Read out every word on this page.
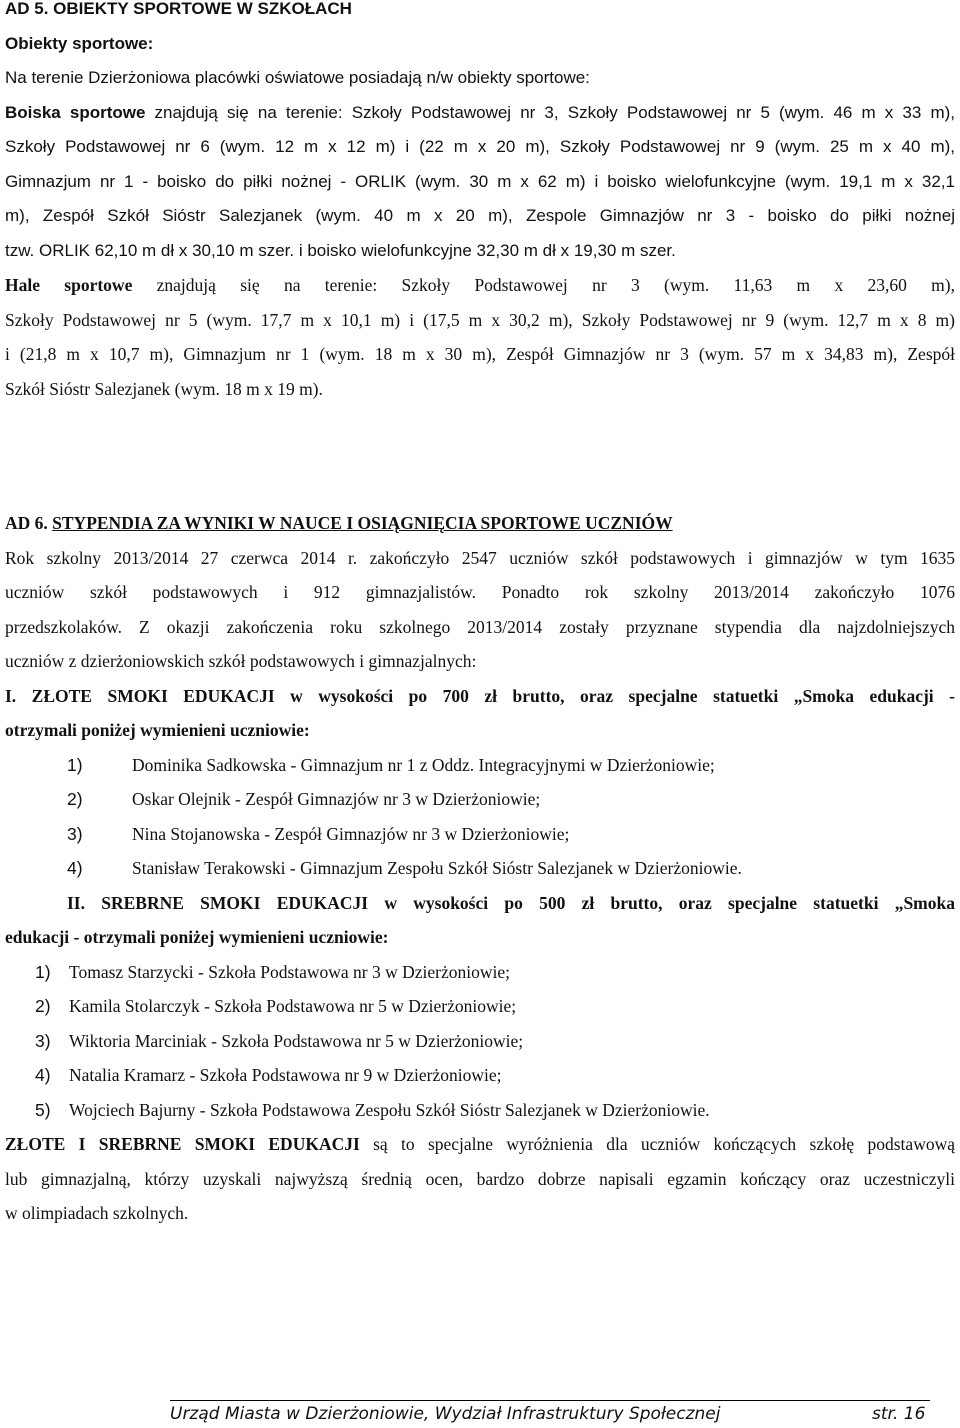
AD 5. OBIEKTY SPORTOWE W SZKOŁACH
Obiekty sportowe:
Na terenie Dzierżoniowa placówki oświatowe posiadają n/w obiekty sportowe:
Boiska sportowe znajdują się na terenie: Szkoły Podstawowej nr 3, Szkoły Podstawowej nr 5 (wym. 46 m x 33 m),
Szkoły Podstawowej nr 6 (wym. 12 m x 12 m) i (22 m x 20 m), Szkoły Podstawowej nr 9 (wym. 25 m x 40 m),
Gimnazjum nr 1 - boisko do piłki nożnej - ORLIK (wym. 30 m x 62 m) i boisko wielofunkcyjne (wym. 19,1 m x 32,1
m), Zespół Szkół Sióstr Salezjanek (wym. 40 m x 20 m), Zespole Gimnazjów nr 3 - boisko do piłki nożnej
tzw. ORLIK 62,10 m dł x 30,10 m szer. i boisko wielofunkcyjne 32,30 m dł x 19,30 m szer.
Hale sportowe znajdują się na terenie: Szkoły Podstawowej nr 3 (wym. 11,63 m x 23,60 m),
Szkoły Podstawowej nr 5 (wym. 17,7 m x 10,1 m) i (17,5 m x 30,2 m), Szkoły Podstawowej nr 9 (wym. 12,7 m x 8 m)
i (21,8 m x 10,7 m), Gimnazjum nr 1 (wym. 18 m x 30 m), Zespół Gimnazjów nr 3 (wym. 57 m x 34,83 m), Zespół
Szkół Sióstr Salezjanek (wym. 18 m x 19 m).
AD 6. STYPENDIA ZA WYNIKI W NAUCE I OSIĄGNIĘCIA SPORTOWE UCZNIÓW
Rok szkolny 2013/2014 27 czerwca 2014 r. zakończyło 2547 uczniów szkół podstawowych i gimnazjów w tym 1635
uczniów szkół podstawowych i 912 gimnazjalistów. Ponadto rok szkolny 2013/2014 zakończyło 1076
przedszkolaków. Z okazji zakończenia roku szkolnego 2013/2014 zostały przyznane stypendia dla najzdolniejszych
uczniów z dzierżoniowskich szkół podstawowych i gimnazjalnych:
I. ZŁOTE SMOKI EDUKACJI w wysokości po 700 zł brutto, oraz specjalne statuetki „Smoka edukacji -
otrzymali poniżej wymienieni uczniowie:
1)	Dominika Sadkowska - Gimnazjum nr 1 z Oddz. Integracyjnymi w Dzierżoniowie;
2)	Oskar Olejnik - Zespół Gimnazjów nr 3 w Dzierżoniowie;
3)	Nina Stojanowska - Zespół Gimnazjów nr 3 w Dzierżoniowie;
4)	Stanisław Terakowski - Gimnazjum Zespołu Szkół Sióstr Salezjanek w Dzierżoniowie.
II. SREBRNE SMOKI EDUKACJI w wysokości po 500 zł brutto, oraz specjalne statuetki „Smoka
edukacji - otrzymali poniżej wymienieni uczniowie:
1)	Tomasz Starzycki - Szkoła Podstawowa nr 3 w Dzierżoniowie;
2)	Kamila Stolarczyk - Szkoła Podstawowa nr 5 w Dzierżoniowie;
3)	Wiktoria Marciniak - Szkoła Podstawowa nr 5 w Dzierżoniowie;
4)	Natalia Kramarz - Szkoła Podstawowa nr 9 w Dzierżoniowie;
5)	Wojciech Bajurny - Szkoła Podstawowa Zespołu Szkół Sióstr Salezjanek w Dzierżoniowie.
ZŁOTE I SREBRNE SMOKI EDUKACJI są to specjalne wyróżnienia dla uczniów kończących szkołę podstawową
lub gimnazjalną, którzy uzyskali najwyższą średnią ocen, bardzo dobrze napisali egzamin kończący oraz uczestniczyli
w olimpiadach szkolnych.
Urząd Miasta w Dzierżoniowie, Wydział Infrastruktury Społecznej	str. 16
